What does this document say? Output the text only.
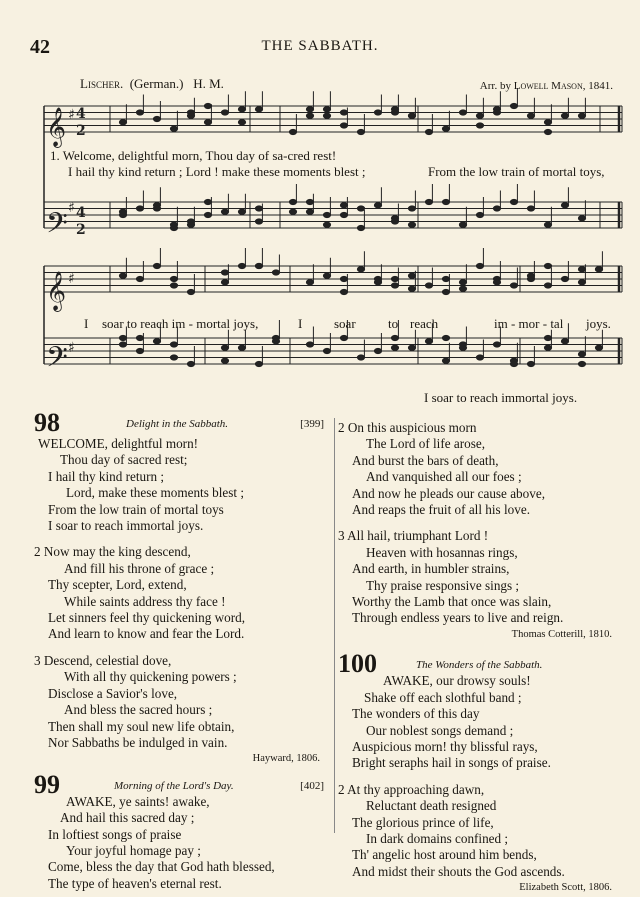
42	THE SABBATH.
Lischer. (German.) H. M.	Arr. by Lowell Mason, 1841.
𝄞
𝄢
𝄞
𝄢
♯
♯
♯
♯
4
2
4
2
1. Welcome, delightful morn, Thou day of sa-cred rest!
I hail thy kind return ; Lord ! make these moments blest ;	From the low train of mortal toys,
I soar to reach im - mortal joys,	I soar to reach	im - mor - tal joys.
I soar to reach immortal joys.
98	Delight in the Sabbath.	[399]
WELCOME, delightful morn!
Thou day of sacred rest;
I hail thy kind return ;
Lord, make these moments blest ;
From the low train of mortal toys
I soar to reach immortal joys.
2 Now may the king descend,
And fill his throne of grace ;
Thy scepter, Lord, extend,
While saints address thy face !
Let sinners feel thy quickening word,
And learn to know and fear the Lord.
3 Descend, celestial dove,
With all thy quickening powers ;
Disclose a Savior's love,
And bless the sacred hours ;
Then shall my soul new life obtain,
Nor Sabbaths be indulged in vain.
Hayward, 1806.
99	Morning of the Lord's Day.	[402]
AWAKE, ye saints! awake,
And hail this sacred day ;
In loftiest songs of praise
Your joyful homage pay ;
Come, bless the day that God hath blessed,
The type of heaven's eternal rest.
2 On this auspicious morn
The Lord of life arose,
And burst the bars of death,
And vanquished all our foes ;
And now he pleads our cause above,
And reaps the fruit of all his love.
3 All hail, triumphant Lord !
Heaven with hosannas rings,
And earth, in humbler strains,
Thy praise responsive sings ;
Worthy the Lamb that once was slain,
Through endless years to live and reign.
Thomas Cotterill, 1810.
100	The Wonders of the Sabbath.
AWAKE, our drowsy souls!
Shake off each slothful band ;
The wonders of this day
Our noblest songs demand ;
Auspicious morn! thy blissful rays,
Bright seraphs hail in songs of praise.
2 At thy approaching dawn,
Reluctant death resigned
The glorious prince of life,
In dark domains confined ;
Th' angelic host around him bends,
And midst their shouts the God ascends.
Elizabeth Scott, 1806.
